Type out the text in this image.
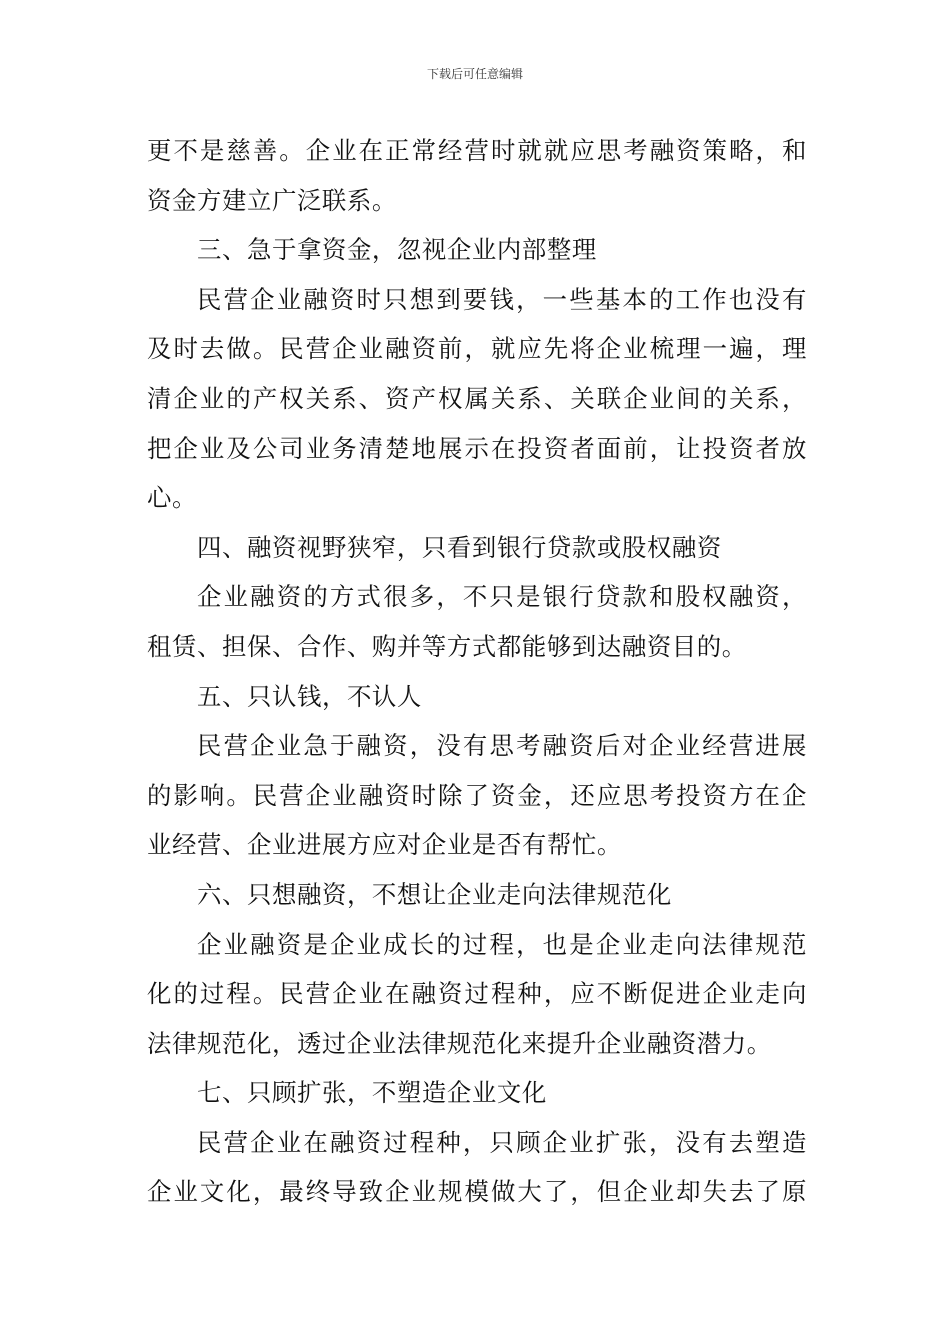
下载后可任意编辑
更不是慈善。企业在正常经营时就就应思考融资策略，和
资金方建立广泛联系。
三、急于拿资金，忽视企业内部整理
民营企业融资时只想到要钱，一些基本的工作也没有
及时去做。民营企业融资前，就应先将企业梳理一遍，理
清企业的产权关系、资产权属关系、关联企业间的关系，
把企业及公司业务清楚地展示在投资者面前，让投资者放
心。
四、融资视野狭窄，只看到银行贷款或股权融资
企业融资的方式很多，不只是银行贷款和股权融资，
租赁、担保、合作、购并等方式都能够到达融资目的。
五、只认钱，不认人
民营企业急于融资，没有思考融资后对企业经营进展
的影响。民营企业融资时除了资金，还应思考投资方在企
业经营、企业进展方应对企业是否有帮忙。
六、只想融资，不想让企业走向法律规范化
企业融资是企业成长的过程，也是企业走向法律规范
化的过程。民营企业在融资过程种，应不断促进企业走向
法律规范化，透过企业法律规范化来提升企业融资潜力。
七、只顾扩张，不塑造企业文化
民营企业在融资过程种，只顾企业扩张，没有去塑造
企业文化，最终导致企业规模做大了，但企业却失去了原
